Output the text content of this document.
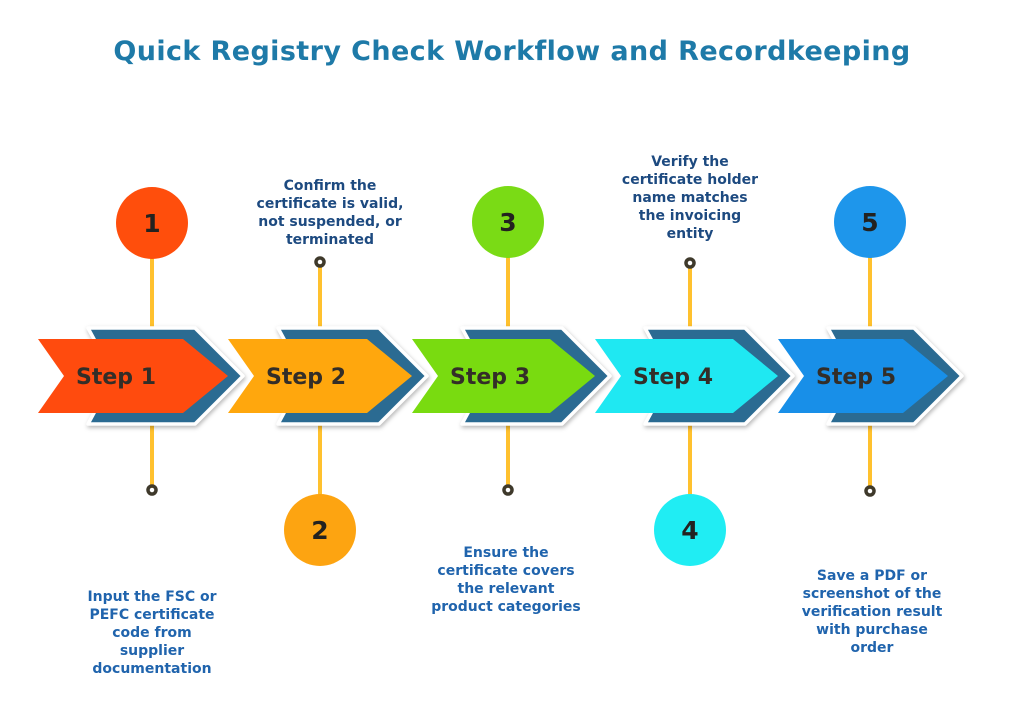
Quick Registry Check Workflow and Recordkeeping
Step 5
Step 4
Step 3
Step 2
Step 1
1
2
3
4
5
Input the FSC or
PEFC certificate
code from
supplier
documentation
Confirm the
certificate is valid,
not suspended, or
terminated
Ensure the
certificate covers
the relevant
product categories
Verify the
certificate holder
name matches
the invoicing
entity
Save a PDF or
screenshot of the
verification result
with purchase
order
